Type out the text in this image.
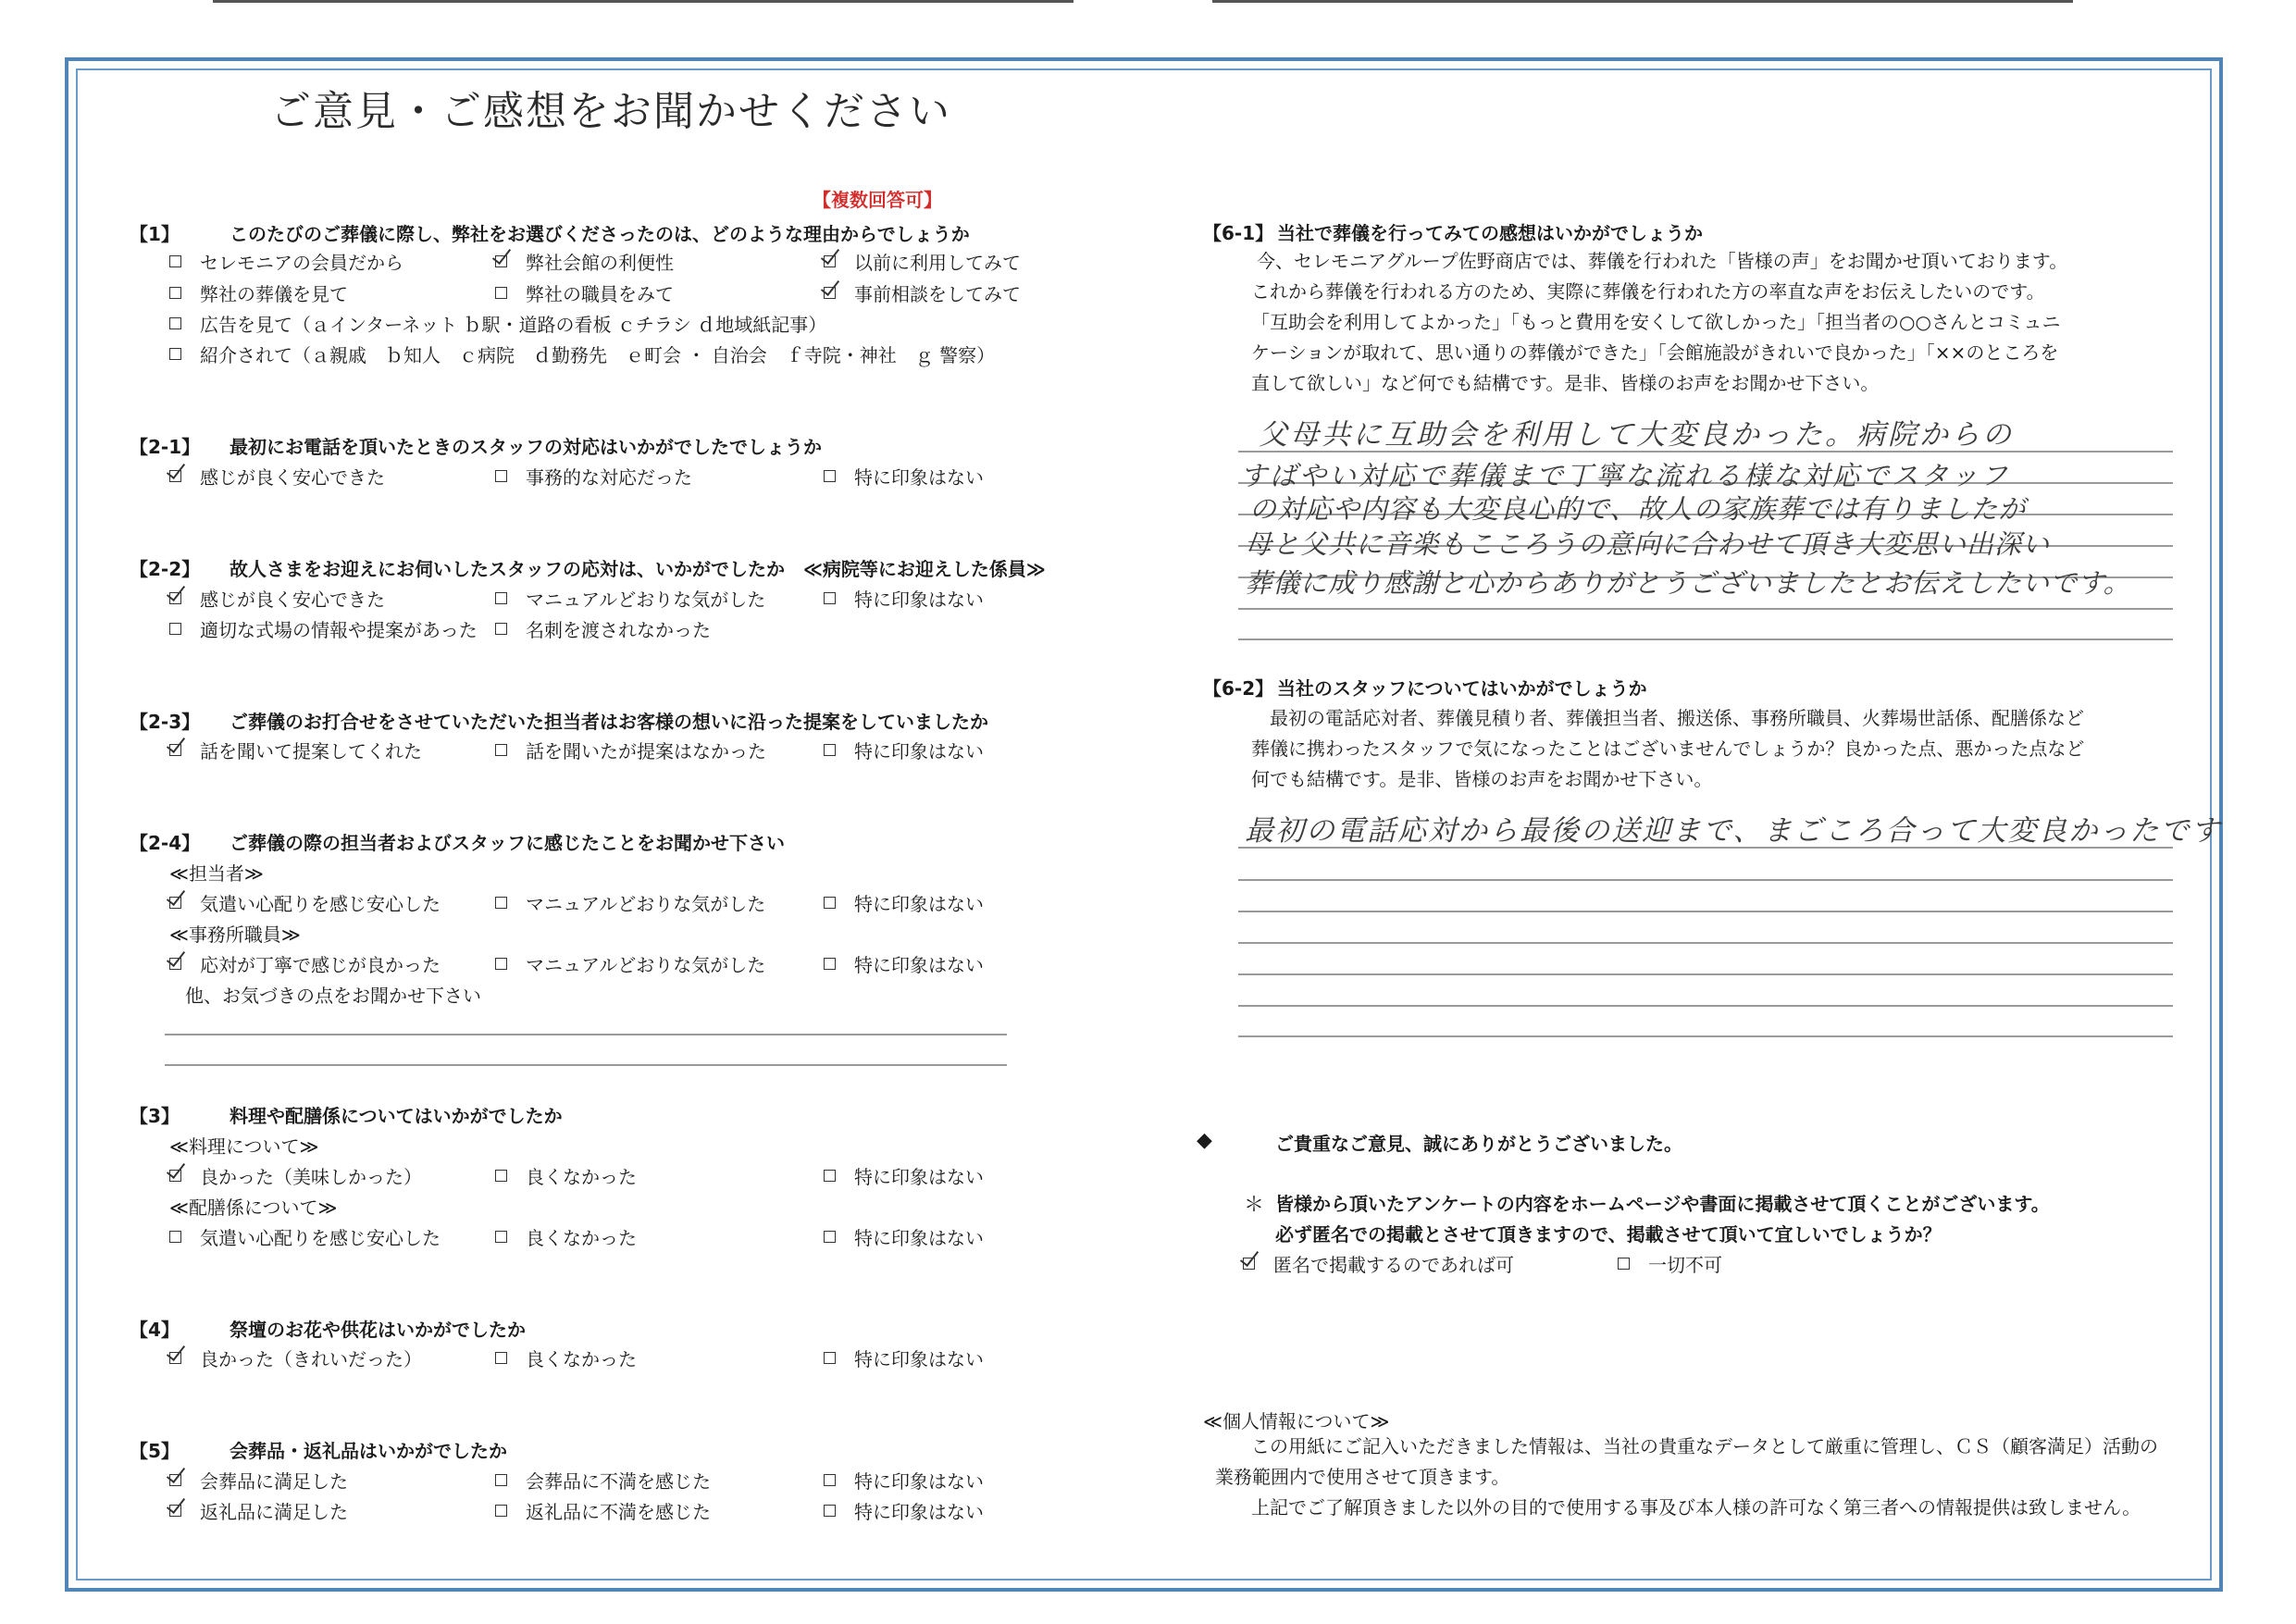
ご意見・ご感想をお聞かせください
【複数回答可】
【1】	このたびのご葬儀に際し、弊社をお選びくださったのは、どのような理由からでしょうか
セレモニアの会員だから	弊社会館の利便性	以前に利用してみて
弊社の葬儀を見て	弊社の職員をみて	事前相談をしてみて
広告を見て（ａインターネット ｂ駅・道路の看板 ｃチラシ ｄ地域紙記事）
紹介されて（ａ親戚　ｂ知人　ｃ病院　ｄ勤務先　ｅ町会 ・ 自治会　ｆ寺院・神社　ｇ 警察）
【2-1】 最初にお電話を頂いたときのスタッフの対応はいかがでしたでしょうか
感じが良く安心できた	事務的な対応だった	特に印象はない
【2-2】 故人さまをお迎えにお伺いしたスタッフの応対は、いかがでしたか　≪病院等にお迎えした係員≫
感じが良く安心できた	マニュアルどおりな気がした	特に印象はない
適切な式場の情報や提案があった	名刺を渡されなかった
【2-3】 ご葬儀のお打合せをさせていただいた担当者はお客様の想いに沿った提案をしていましたか
話を聞いて提案してくれた	話を聞いたが提案はなかった	特に印象はない
【2-4】 ご葬儀の際の担当者およびスタッフに感じたことをお聞かせ下さい
≪担当者≫
気遣い心配りを感じ安心した	マニュアルどおりな気がした	特に印象はない
≪事務所職員≫
応対が丁寧で感じが良かった	マニュアルどおりな気がした	特に印象はない
他、お気づきの点をお聞かせ下さい
【3】	料理や配膳係についてはいかがでしたか
≪料理について≫
良かった（美味しかった）	良くなかった	特に印象はない
≪配膳係について≫
気遣い心配りを感じ安心した	良くなかった	特に印象はない
【4】	祭壇のお花や供花はいかがでしたか
良かった（きれいだった）	良くなかった	特に印象はない
【5】	会葬品・返礼品はいかがでしたか
会葬品に満足した	会葬品に不満を感じた	特に印象はない
返礼品に満足した	返礼品に不満を感じた	特に印象はない
【6-1】 当社で葬儀を行ってみての感想はいかがでしょうか
今、セレモニアグループ佐野商店では、葬儀を行われた「皆様の声」をお聞かせ頂いております。
これから葬儀を行われる方のため、実際に葬儀を行われた方の率直な声をお伝えしたいのです。
「互助会を利用してよかった」「もっと費用を安くして欲しかった」「担当者の○○さんとコミュニ
ケーションが取れて、思い通りの葬儀ができた」「会館施設がきれいで良かった」「××のところを
直して欲しい」など何でも結構です。是非、皆様のお声をお聞かせ下さい。
父母共に互助会を利用して大変良かった。病院からの
すばやい対応で葬儀まで丁寧な流れる様な対応でスタッフ
の対応や内容も大変良心的で、故人の家族葬では有りましたが
母と父共に音楽もこころうの意向に合わせて頂き大変思い出深い
葬儀に成り感謝と心からありがとうございましたとお伝えしたいです。
【6-2】 当社のスタッフについてはいかがでしょうか
最初の電話応対者、葬儀見積り者、葬儀担当者、搬送係、事務所職員、火葬場世話係、配膳係など
葬儀に携わったスタッフで気になったことはございませんでしょうか？良かった点、悪かった点など
何でも結構です。是非、皆様のお声をお聞かせ下さい。
最初の電話応対から最後の送迎まで、まごころ合って大変良かったです
◆	ご貴重なご意見、誠にありがとうございました。
＊ 皆様から頂いたアンケートの内容をホームページや書面に掲載させて頂くことがございます。
必ず匿名での掲載とさせて頂きますので、掲載させて頂いて宜しいでしょうか？
匿名で掲載するのであれば可	一切不可
≪個人情報について≫
この用紙にご記入いただきました情報は、当社の貴重なデータとして厳重に管理し、ＣＳ（顧客満足）活動の
業務範囲内で使用させて頂きます。
上記でご了解頂きました以外の目的で使用する事及び本人様の許可なく第三者への情報提供は致しません。
